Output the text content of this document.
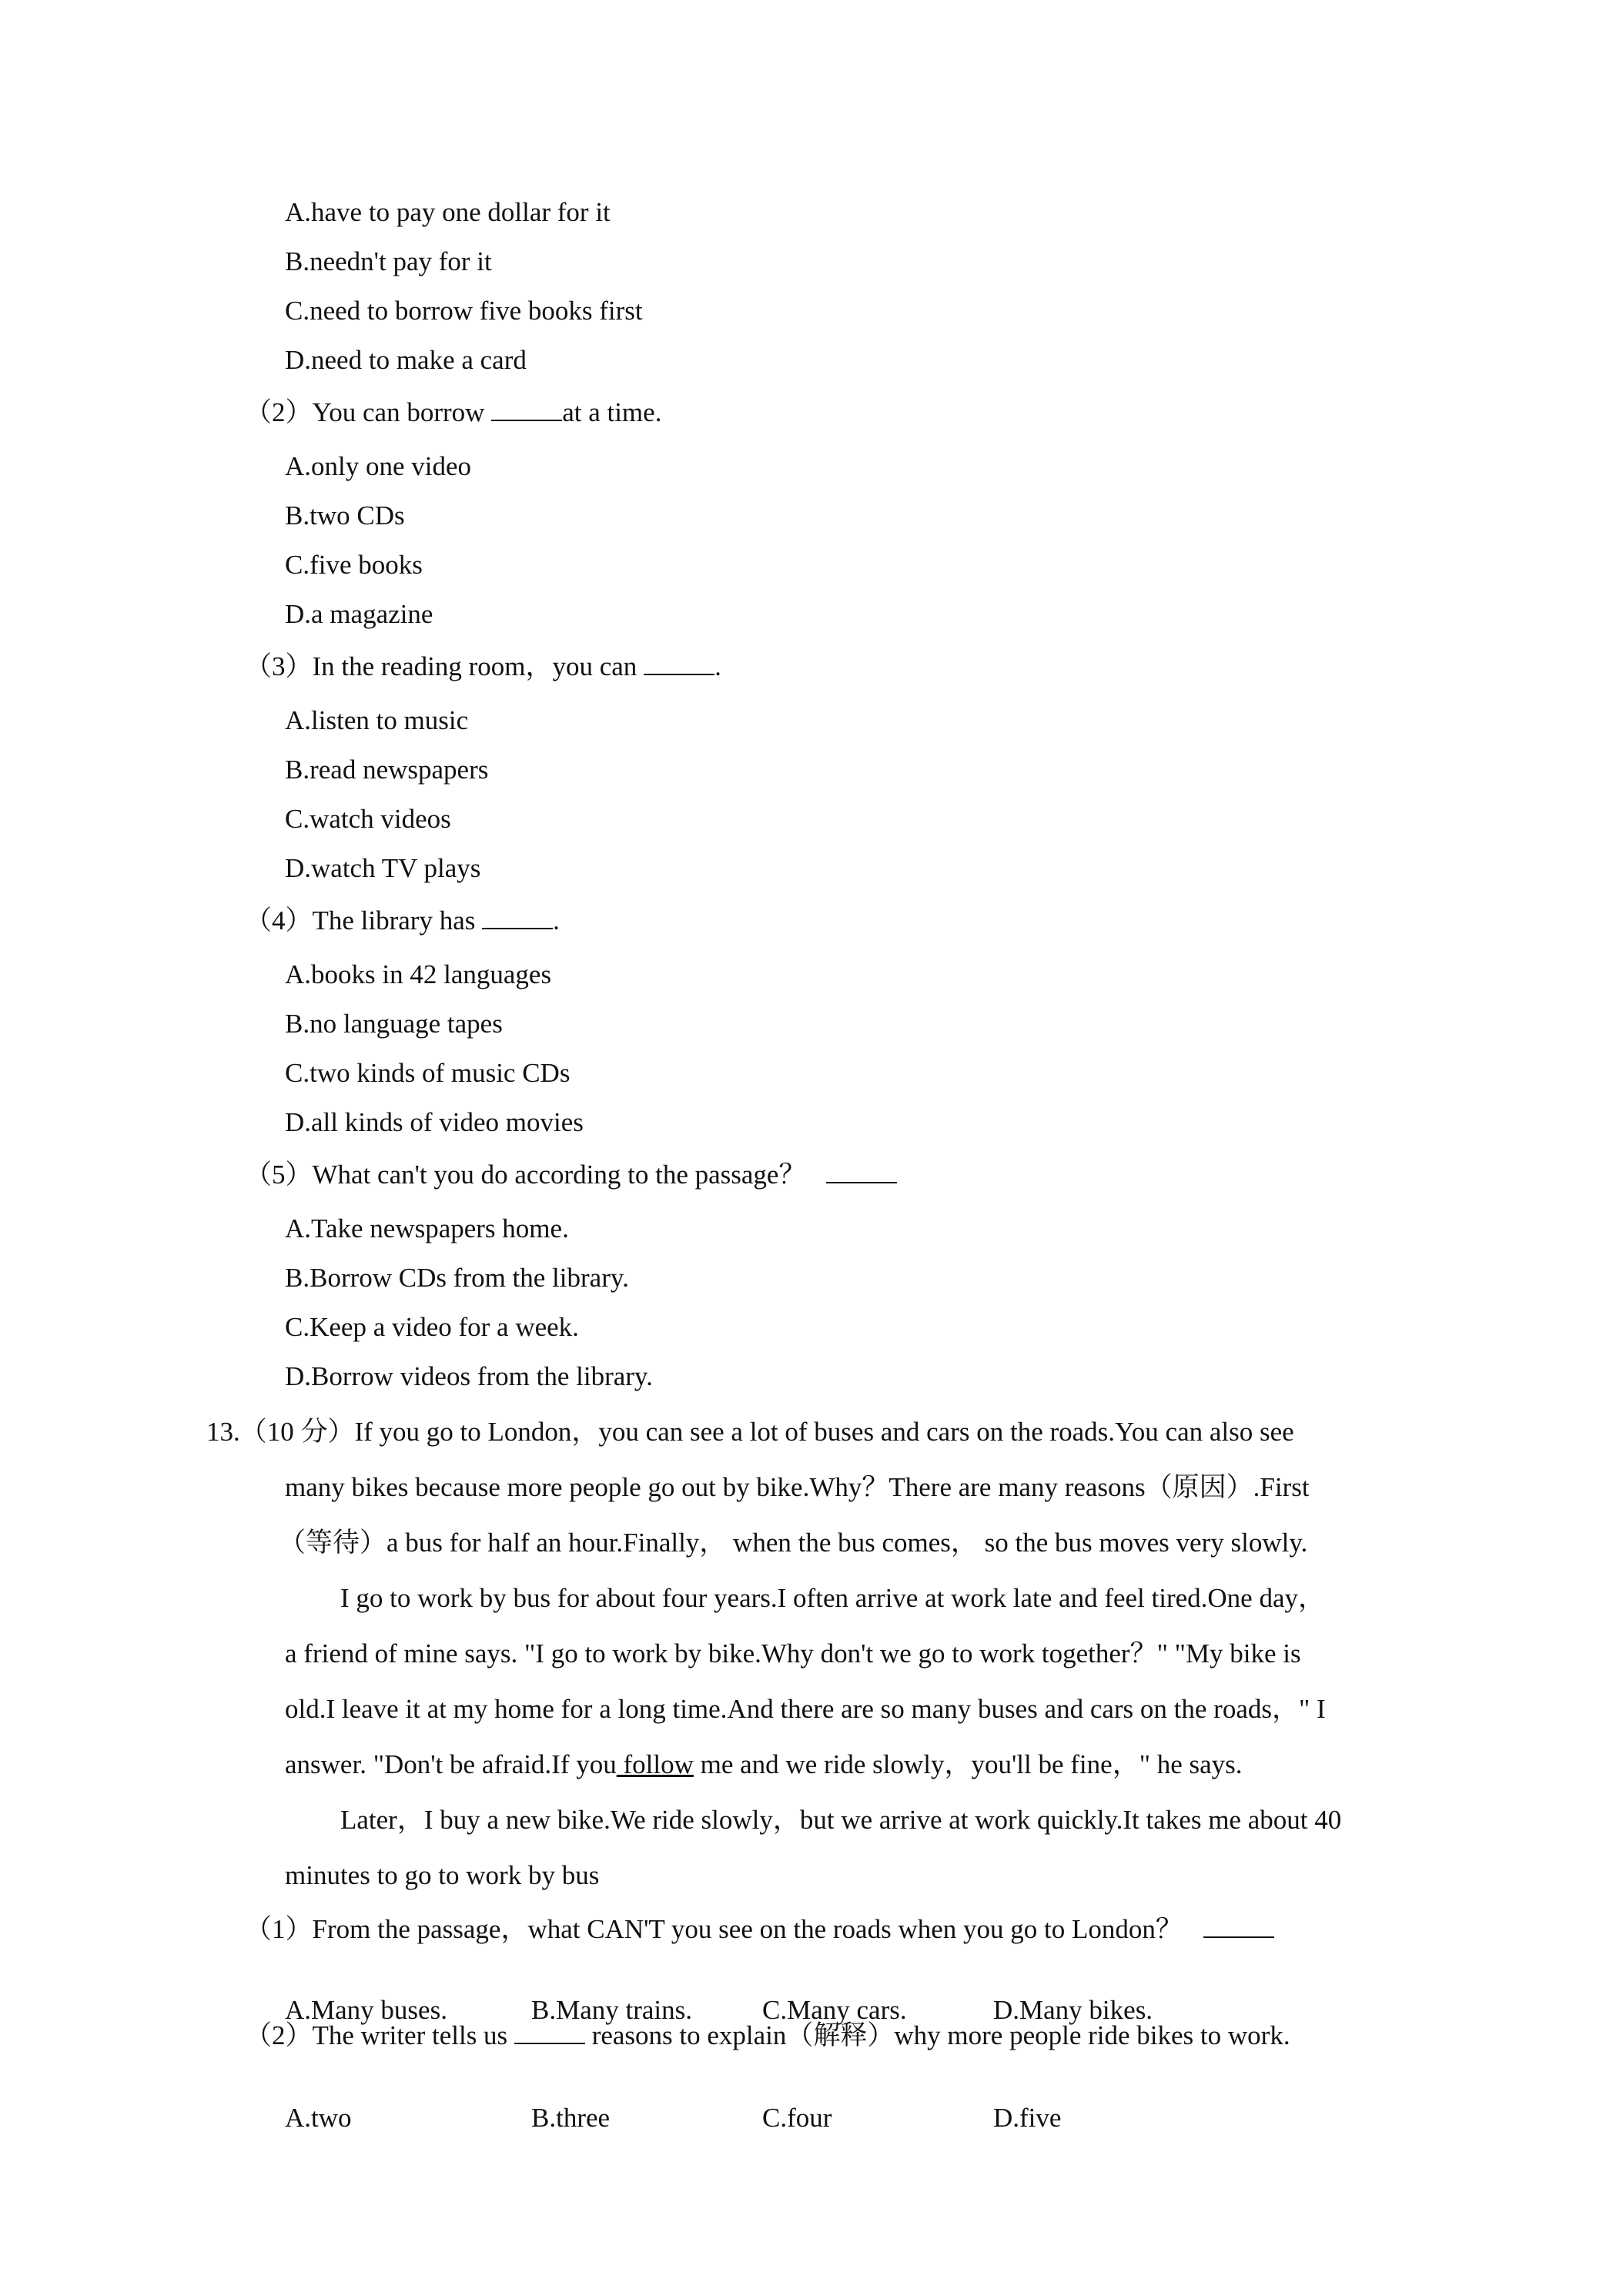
A.have to pay one dollar for it

B.needn't pay for it

C.need to borrow five books first

D.need to make a card

（2）You can borrow	at a time.

A.only one video

B.two CDs

C.five books

D.a magazine

（3）In the reading room，you can	.

A.listen to music

B.read newspapers

C.watch videos

D.watch TV plays

（4）The library has	.

A.books in 42 languages

B.no language tapes

C.two kinds of music CDs

D.all kinds of video movies

（5）What can't you do according to the passage？

A.Take newspapers home.

B.Borrow CDs from the library.

C.Keep a video for a week.

D.Borrow videos from the library.

13.（10 分）If you go to London，you can see a lot of buses and cars on the roads.You can also see

many bikes because more people go out by bike.Why？There are many reasons（原因）.First

（等待）a bus for half an hour.Finally， when the bus comes， so the bus moves very slowly.

I go to work by bus for about four years.I often arrive at work late and feel tired.One day，

a friend of mine says. "I go to work by bike.Why don't we go to work together？" "My bike is

old.I leave it at my home for a long time.And there are so many buses and cars on the roads，" I

answer. "Don't be afraid.If you follow me and we ride slowly，you'll be fine，" he says.

Later，I buy a new bike.We ride slowly，but we arrive at work quickly.It takes me about 40

minutes to go to work by bus

（1）From the passage，what CAN'T you see on the roads when you go to London？

A.Many buses.	B.Many trains.	C.Many cars.	D.Many bikes.

（2）The writer tells us	reasons to explain（解释）why more people ride bikes to work.

A.two	B.three	C.four	D.five
